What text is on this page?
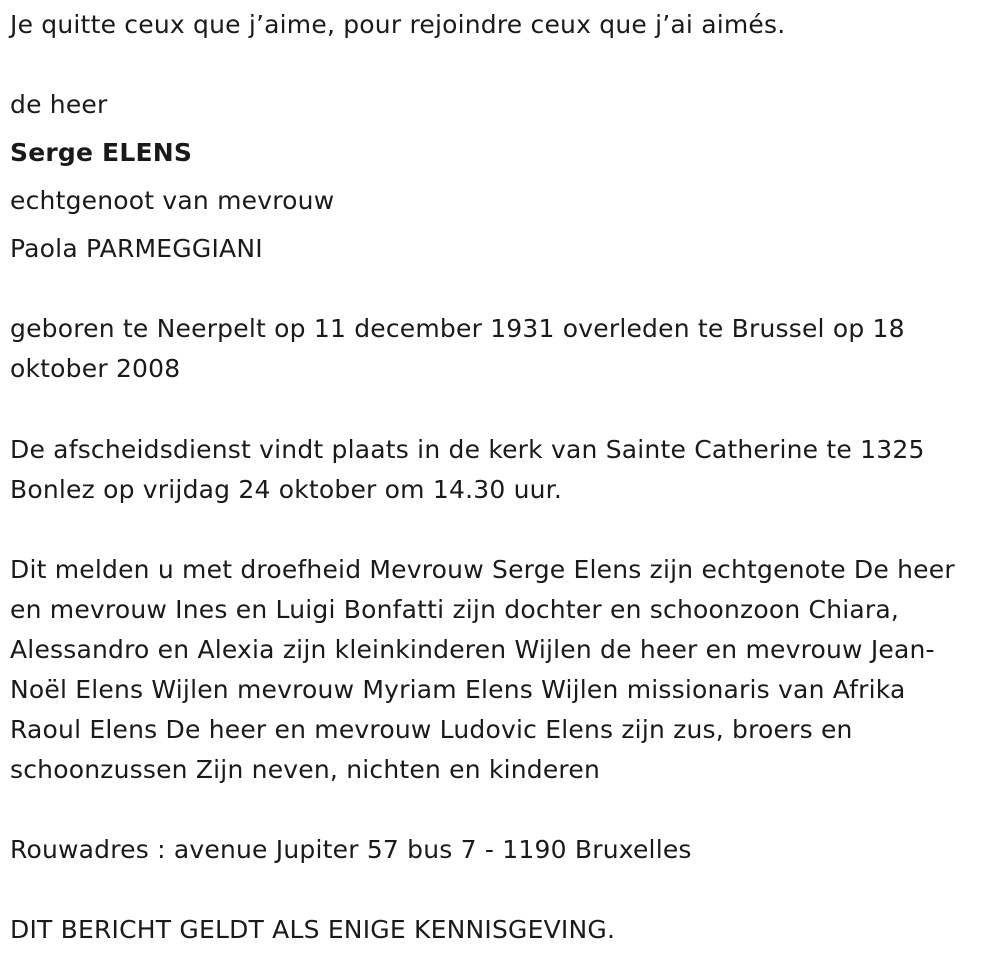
Je quitte ceux que j’aime, pour rejoindre ceux que j’ai aimés.
de heer
Serge ELENS
echtgenoot van mevrouw
Paola PARMEGGIANI
geboren te Neerpelt op 11 december 1931 overleden te Brussel op 18 oktober 2008
De afscheidsdienst vindt plaats in de kerk van Sainte Catherine te 1325 Bonlez op vrijdag 24 oktober om 14.30 uur.
Dit melden u met droefheid Mevrouw Serge Elens zijn echtgenote De heer en mevrouw Ines en Luigi Bonfatti zijn dochter en schoonzoon Chiara, Alessandro en Alexia zijn kleinkinderen Wijlen de heer en mevrouw Jean-Noël Elens Wijlen mevrouw Myriam Elens Wijlen missionaris van Afrika Raoul Elens De heer en mevrouw Ludovic Elens zijn zus, broers en schoonzussen Zijn neven, nichten en kinderen
Rouwadres : avenue Jupiter 57 bus 7 - 1190 Bruxelles
DIT BERICHT GELDT ALS ENIGE KENNISGEVING.
